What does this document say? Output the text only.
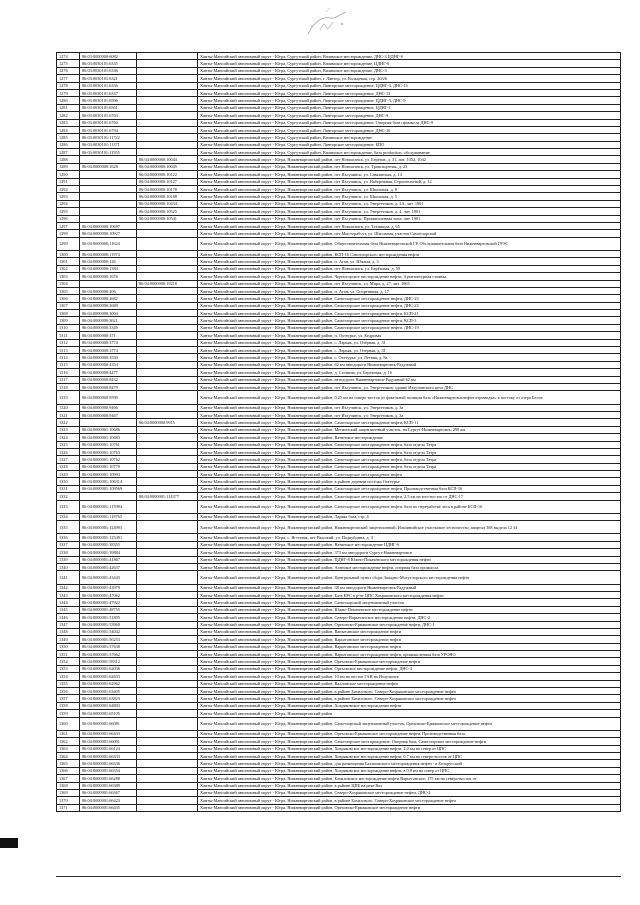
1274	86:03:0000000:6082		Ханты-Мансийский автономный округ - Югра, Сургутский район, Вачимское месторождение, ДНС-3 ЦДНГ-6
1275	86:03:0030101:6335		Ханты-Мансийский автономный округ - Югра, Сургутский район, Вачимское месторождение, ЦДНГ-6
1276	86:03:0030101:6336		Ханты-Мансийский автономный округ - Югра, Сургутский район, Вачимское месторождение, ДНС-3
1277	86:03:0030101:6321		Ханты-Мансийский автономный округ - Югра, Сургутский район, г. Лянтор, ул. Кольцевая, стр. 20/26
1278	86:03:0030101:6336		Ханты-Мансийский автономный округ - Югра, Сургутский район, Лянторское месторождение, ЦДНГ-3, ДНС-13
1279	86:03:0030101:6337		Ханты-Мансийский автономный округ - Югра, Сургутский район, Лянторское месторождение, ДНС-13
1280	86:03:0030101:6596		Ханты-Мансийский автономный округ - Югра, Сургутский район, Лянторское месторождение, ЦДНГ-3, ДНС-9
1281	86:03:0030101:6561		Ханты-Мансийский автономный округ - Югра, Сургутский район, Лянторское месторождение, ЦДНГ-1
1282	86:03:0030101:6763		Ханты-Мансийский автономный округ - Югра, Сургутский район, Лянторское месторождение, ДНС-9
1283	86:03:0030101:6760		Ханты-Мансийский автономный округ - Югра, Сургутский район, Лянторское месторождение, Опорная база промысла ДНС-9
1284	86:03:0030101:6794		Ханты-Мансийский автономный округ - Югра, Сургутский район, Лянторское месторождение, ДНС-16
1285	86:03:0030101:11722		Ханты-Мансийский автономный округ - Югра, Сургутский район, Вачимское месторождение
1286	86:03:0030101:11371		Ханты-Мансийский автономный округ - Югра, Сургутский район, Лянторское месторождение, БПО
1287	86:03:0030101:11955		Ханты-Мансийский автономный округ - Югра, Сургутский район, Вачимское месторождение, база production, обслуживание
1288		86:04:0000000:10044	Ханты-Мансийский автономный округ - Югра, Нижневартовский район, пгт Новоаганск, ул. Берёзов, д. 31, лит. 1052, 1042
1289	86:04:0000000:1628	86:04:0000000:10045	Ханты-Мансийский автономный округ - Югра, Нижневартовский район, пгт Новоаганск, ул. Транспортная, д. 23
1290		86:04:0000000:10122	Ханты-Мансийский автономный округ - Югра, Нижневартовский район, пгт Излучинск, ул. Савкинская, д. 14
1291		86:04:0000000:10127	Ханты-Мансийский автономный округ - Югра, Нижневартовский район, пгт Излучинск, ул. Набережная, Строительный, д. 12
1292		86:04:0000000:10178	Ханты-Мансийский автономный округ - Югра, Нижневартовский район, пгт Излучинск, ул. Школьная, д. 8
1293		86:04:0000000:10188	Ханты-Мансийский автономный округ - Югра, Нижневартовский район, пгт Излучинск, ул. Школьная, д. 5
1294		86:04:0000000:10434	Ханты-Мансийский автономный округ - Югра, Нижневартовский район, пгт Излучинск, ул. Энергетиков, д. 2А, лит. 1901
1295		86:04:0000000:10525	Ханты-Мансийский автономный округ - Югра, Нижневартовский район, пгт Излучинск, ул. Энергетиков, д. 4, лит. 1901
1296		86:04:0000000:10541	Ханты-Мансийский автономный округ - Югра, Нижневартовский район, пгт Излучинск, Промышленная зона, лит. 1901
1297	86:04:0000000:10697		Ханты-Мансийский автономный округ - Югра, Нижневартовский район, пгт Новоаганск, ул. Техникум, д. 65
1298	86:04:0000000:10927		Ханты-Мансийский автономный округ - Югра, Нижневартовский район, пгт Мысторабсут, ул. Школьная, участок Самотлорской
1299	86:04:0000000:11624		Ханты-Мансийский автономный округ - Югра, Нижневартовский район, Обществоительная база Нижневартовской ГР, Обслуживательная база Нижневартовской ГРЭС
1300	86:04:0000000:11974		Ханты-Мансийский автономный округ - Югра, Нижневартовский район, КСП-16 Самотлорского месторождения нефти
1301	86:04:0000000:126		Ханты-Мансийский автономный округ - Югра, Нижневартовский район, п. Аган, ул. Южная, д. 3
1302	86:04:0000000:1384		Ханты-Мансийский автономный округ - Югра, Нижневартовский район, пгт Новоаганск, ул. Берёзовая, д. 59
1303	86:04:0000000:1676		Ханты-Мансийский автономный округ - Югра, Нижневартовский район, Черногорское месторождение нефти, Архитектурная стоянка
1304		86:04:0000000:19218	Ханты-Мансийский автономный округ - Югра, Нижневартовский район, пгт Излучинск, ул. Мира, д. 27, лит. 1065
1305	86:04:0000000:206		Ханты-Мансийский автономный округ - Югра, Нижневартовский район, п. Аган, ул. Спортивная, д. 17
1306	86:04:0000000:2682		Ханты-Мансийский автономный округ - Югра, Нижневартовский район, Самотлорское месторождение нефти, ДНС-23
1307	86:04:0000000:2689		Ханты-Мансийский автономный округ - Югра, Нижневартовский район, Самотлорское месторождение нефти, ДНС-23
1308	86:04:0000000:3004		Ханты-Мансийский автономный округ - Югра, Нижневартовский район, Самотлорское месторождение нефти, КСП-21
1309	86:04:0000000:3621		Ханты-Мансийский автономный округ - Югра, Нижневартовский район, Самотлорское месторождение нефти, КСП-3
1310	86:04:0000000:3349		Ханты-Мансийский автономный округ - Югра, Нижневартовский район, Самотлорское месторождение нефти, ДНС-19
1311	86:04:0000000:371		Ханты-Мансийский автономный округ - Югра, Нижневартовский район, п. Охтеурье, ул. Кедровая
1312	86:04:0000000:3774		Ханты-Мансийский автономный округ - Югра, Нижневартовский район, с. Ларьяк, ул. Озёрная, д. 31
1313	86:04:0000000:3774		Ханты-Мансийский автономный округ - Югра, Нижневартовский район, с. Ларьяк, ул. Озёрная, д. 31
1314	86:04:0000000:3530		Ханты-Мансийский автономный округ - Югра, Нижневартовский район, с. Охтеурье, ул. Летняя, д. 8а
1315	86:04:0000000:4354		Ханты-Мансийский автономный округ - Югра, Нижневартовский район, 62 км автодороги Нижневартовск-Радужный
1316	86:04:0000000:4477		Ханты-Мансийский автономный округ - Югра, Нижневартовский район, д. Соснина, ул. Берёзовая, д. 16
1317	86:04:0000000:8432		Ханты-Мансийский автономный округ - Югра, Нижневартовский район, автодорога Нижневартовск-Радужный 62 км
1318	86:04:0000000:8479		Ханты-Мансийский автономный округ - Югра, Нижневартовский район, пгт Излучинск, ул. Энергетиков, здание Излучинского цеха ДНС
1319	86:04:0000000:9599		Ханты-Мансийский автономный округ - Югра, Нижневартовский район, 0,25 км на северо-восток от факельной позиции база «Нижневартовскнефтегазразведка» к востоку от озера Белое
1320	86:04:0000000:9466		Ханты-Мансийский автономный округ - Югра, Нижневартовский район, пгт Излучинск, ул. Энергетиков, д. 3а
1321	86:04:0000000:9467		Ханты-Мансийский автономный округ - Югра, Нижневартовский район, пгт Излучинск, ул. Энергетиков, д. 3а
1322		86:04:0000000:9915	Ханты-Мансийский автономный округ - Югра, Нижневартовский район, Самотлорское месторождение нефти, КСП-11
1323	86:04:0000001:10686		Ханты-Мансийский автономный округ - Югра, Нижневартовский район, Мегионский лицензионный участок, на Сургут-Нижневартовск, 290 км
1324	86:04:0000001:10683		Ханты-Мансийский автономный округ - Югра, Нижневартовский район, Ватинское месторождение
1325	86:04:0000001:10761		Ханты-Мансийский автономный округ - Югра, Нижневартовский район, Самотлорское месторождение нефти, база отдела Татра
1326	86:04:0000001:10763		Ханты-Мансийский автономный округ - Югра, Нижневартовский район, Самотлорское месторождение нефти, база отдела Татра
1327	86:04:0000001:10762		Ханты-Мансийский автономный округ - Югра, Нижневартовский район, Самотлорское месторождение нефти, база отдела Татра
1328	86:04:0000001:10779		Ханты-Мансийский автономный округ - Югра, Нижневартовский район, Самотлорское месторождение нефти, база отдела Татра
1329	86:04:0000001:10993		Ханты-Мансийский автономный округ - Югра, Нижневартовский район, Самотлорское месторождение нефти
1330	86:04:0000001:106314		Ханты-Мансийский автономный округ - Югра, Нижневартовский район, в районе деревни посёлка Охтеурье
1331	86:04:0000001:109569		Ханты-Мансийский автономный округ - Югра, Нижневартовский район, Самотлорское месторождение нефти, Производственная база КСП-16
1332		86:04:0000001:114377	Ханты-Мансийский автономный округ - Югра, Нижневартовский район, Самотлорское месторождение нефти, 2,5 км на юго-восток от ДНС-17
1333	86:04:0000001:115984		Ханты-Мансийский автономный округ - Югра, Нижневартовский район, Самотлорское месторождение нефти, база по переработке леса в районе КСП-16
1334	86:04:0000001:118763		Ханты-Мансийский автономный округ - Югра, Нижневартовский район, Ларьяк база, стр. 4
1335	86:04:0000001:124993		Ханты-Мансийский автономный округ - Югра, Нижневартовский район, Нижневартовский лицензионный, Ильчинийскоe участковое лесничество, квартал 368 выдела 12 34
1336	86:04:0000001:125491		Ханты-Мансийский автономный округ - Югра, с. Ягтеевак, пгт Высокий, ул. Подкуйдина, д. 3
1337	86:04:0000001:38355		Ханты-Мансийский автономный округ - Югра, Нижневартовский район, Ватинское месторождение ЦДНГ-6
1338	86:04:0000001:39884		Ханты-Мансийский автономный округ - Югра, Нижневартовский район, 373 км автодороги Сургут-Нижневартовск
1339	86:04:0000001:41867		Ханты-Мансийский автономный округ - Югра, Нижневартовский район, ЦДНГ-8 Южно-Покачевского месторождения нефти
1340	86:04:0000001:42637		Ханты-Мансийский автономный округ - Югра, Нижневартовский район, Аганское месторождение нефти, опорная база промысла
1341	86:04:0000001:43443		Ханты-Мансийский автономный округ - Югра, Нижневартовский район, Центральный пункт сбора Западно-Могутлорского месторождения нефти
1342	86:04:0000001:43979		Ханты-Мансийский автономный округ - Югра, Нижневартовский район, 38 км автодороги Нижневартовск-Радужный
1343	86:04:0000001:47062		Ханты-Мансийский автономный округ - Югра, Нижневартовский район, База КРС в р-не ЦПС Хохряковского месторождения нефти
1344	86:04:0000001:47922		Ханты-Мансийский автономный округ - Югра, Нижневартовский район, Самотлорский лицензионный участок
1345	86:04:0000001:48755		Ханты-Мансийский автономный округ - Югра, Нижневартовский район, Южно-Покачевское месторождение нефти
1346	86:04:0000001:51805		Ханты-Мансийский автономный округ - Югра, Нижневартовский район, Северо-Варьеганское месторождение нефти, ДНС-2
1347	86:04:0000001:53960		Ханты-Мансийский автономный округ - Югра, Нижневартовский район, Ореховско-Ермаковское месторождение нефти, ДНС-1
1348	86:04:0000001:54042		Ханты-Мансийский автономный округ - Югра, Нижневартовский район, Ваньеганское месторождение нефти
1349	86:04:0000001:56253		Ханты-Мансийский автономный округ - Югра, Нижневартовский район, Варьеганское месторождение нефти
1350	86:04:0000001:57638		Ханты-Мансийский автономный округ - Югра, Нижневартовский район, Варьеганское месторождение нефти
1351	86:04:0000001:57662		Ханты-Мансийский автономный округ - Югра, Нижневартовский район, Варьеганское месторождение нефти, промышленная база УРОНО
1352	86:04:0000001:58312		Ханты-Мансийский автономный округ - Югра, Нижневартовский район, Ореховско-Ермаковское месторождение нефти
1353	86:04:0000001:62036		Ханты-Мансийский автономный округ - Югра, Нижневартовский район, Ореховское месторождение нефти, ДНС-3
1354	86:04:0000001:62633		Ханты-Мансийский автономный округ - Югра, Нижневартовский район, 10 км на восток ГАИ на Излучинск
1355	86:04:0000001:62962		Ханты-Мансийский автономный округ - Югра, Нижневартовский район, Вахлинское месторождение нефти
1356	86:04:0000001:63405		Ханты-Мансийский автономный округ - Югра, Нижневартовский район, в районе Бахилового, Северо-Хохряковское месторождение нефти
1357	86:04:0000001:63823		Ханты-Мансийский автономный округ - Югра, Нижневартовский район, в районе Бахилового, Северо-Хохряковское месторождение нефти
1358	86:04:0000001:64803		Ханты-Мансийский автономный округ - Югра, Нижневартовский район, Хохряковское месторождение нефти
1359	86:04:0000001:65105		Ханты-Мансийский автономный округ - Югра, Нижневартовский район
1360	86:04:0000001:66081		Ханты-Мансийский автономный округ - Югра, Нижневартовский район, Самотлорский лицензионный участок, Ореховско-Ермаковское месторождение нефти
1361	86:04:0000001:66433		Ханты-Мансийский автономный округ - Югра, Нижневартовский район, Ореховско-Ермаковское месторождение нефти, Производственная база
1362	86:04:0000001:66091		Ханты-Мансийский автономный округ - Югра, Нижневартовский район, Самотлорское месторождение, Опорная база, Самотлорское месторождение нефти
1363	86:04:0000001:66124		Ханты-Мансийский автономный округ - Югра, Нижневартовский район, Хохряковское месторождение нефти, 2,0 км на север от ЦПС
1364	86:04:0000001:66333		Ханты-Мансийский автономный округ - Югра, Нижневартовский район, Хохряковское месторождение нефти, 0,7 км на северо-восток от ЦПС
1365	86:04:0000001:66336		Ханты-Мансийский автономный округ - Югра, Нижневартовский район, для размещения Бахиловского месторождения нефти - в Белорусский
1366	86:04:0000001:66354		Ханты-Мансийский автономный округ - Югра, Нижневартовский район, Хохряковское месторождение нефти, в 0,8 км на север от ЦПС
1367	86:04:0000001:66288		Ханты-Мансийский автономный округ - Югра, Нижневартовский район, Бахиловское месторождение нефти Варьеганское, 175 км на северо-восток от
1368	86:04:0000001:66389		Ханты-Мансийский автономный округ - Югра, Нижневартовский район, в районе ЦПБ на реке Вах
1369	86:04:0000001:66367		Ханты-Мансийский автономный округ - Югра, Нижневартовский район, Северо-Хохряковское месторождение нефти, ДНС-2
1370	86:04:0000001:66423		Ханты-Мансийский автономный округ - Югра, Нижневартовский район, в районе Бахилового, Северо-Хохряковское месторождение нефти
1371	86:04:0000001:66435		Ханты-Мансийский автономный округ - Югра, Нижневартовский район, Ореховско-Ермаковское месторождение нефти
